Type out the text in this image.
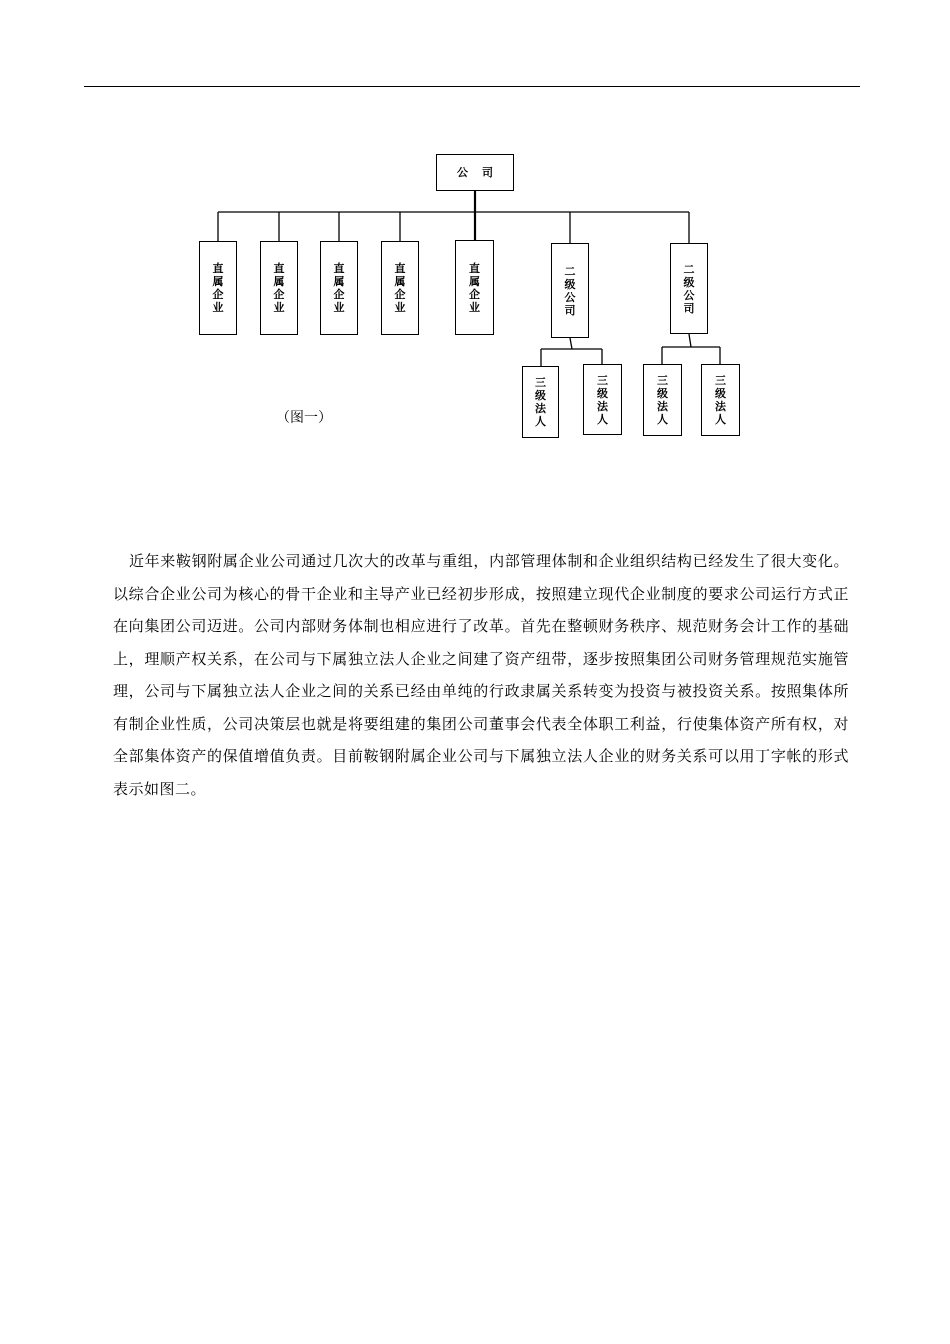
公司
直属企业
直属企业
直属企业
直属企业
直属企业
二级公司
二级公司
三级法人
三级法人
三级法人
三级法人
（图一）

近年来鞍钢附属企业公司通过几次大的改革与重组，内部管理体制和企业组织结构已经发生了很大变化。以综合企业公司为核心的骨干企业和主导产业已经初步形成，按照建立现代企业制度的要求公司运行方式正在向集团公司迈进。公司内部财务体制也相应进行了改革。首先在整顿财务秩序、规范财务会计工作的基础上，理顺产权关系，在公司与下属独立法人企业之间建了资产纽带，逐步按照集团公司财务管理规范实施管理，公司与下属独立法人企业之间的关系已经由单纯的行政隶属关系转变为投资与被投资关系。按照集体所有制企业性质，公司决策层也就是将要组建的集团公司董事会代表全体职工利益，行使集体资产所有权，对全部集体资产的保值增值负责。目前鞍钢附属企业公司与下属独立法人企业的财务关系可以用丁字帐的形式表示如图二。
